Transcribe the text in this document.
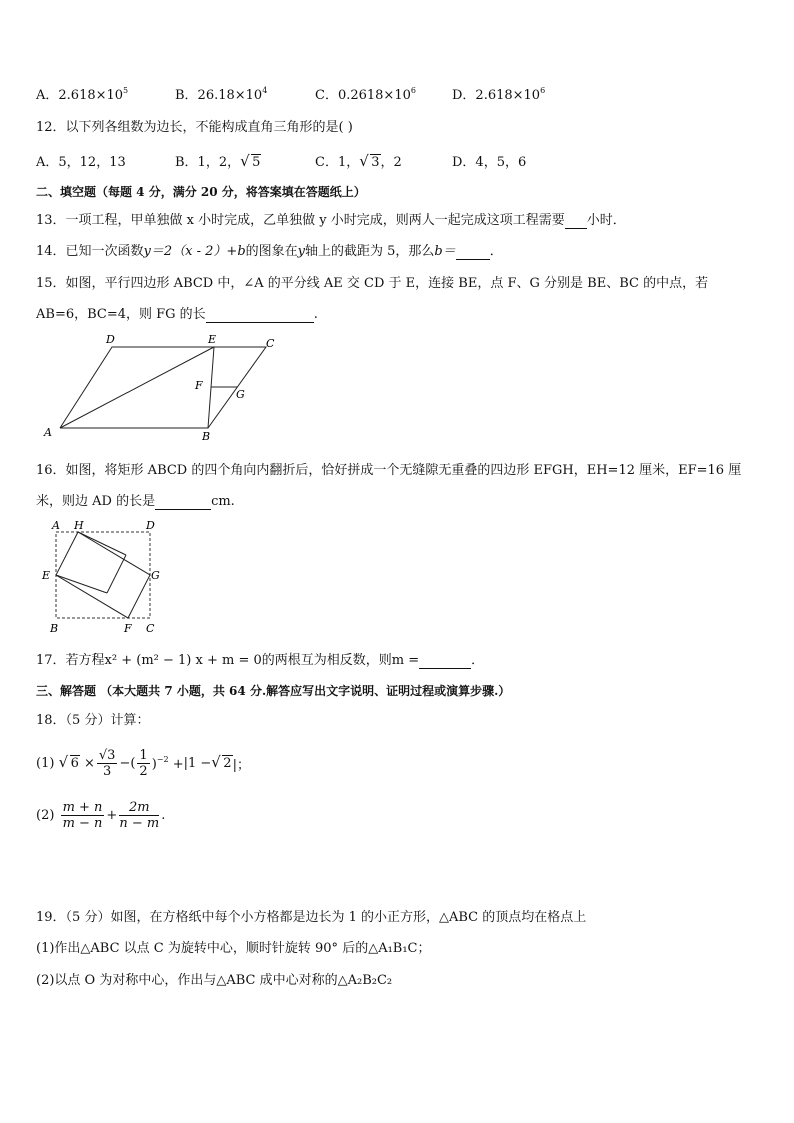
A．$2.618\times 10^5$	B．$26.18\times 10^4$	C．$0.2618\times 10^6$	D．$2.618\times 10^6$
12．以下列各组数为边长，不能构成直角三角形的是( )
A．5，12，13	B．1，2， √ 5	C．1， √ 3，2	D．4，5，6
二、填空题（每题 4 分，满分 20 分，将答案填在答题纸上）
13．一项工程，甲单独做 x 小时完成，乙单独做 y 小时完成，则两人一起完成这项工程需要 小时．
14．已知一次函数y＝2（x - 2）+b的图象在y轴上的截距为 5，那么b＝	．
15．如图，平行四边形 ABCD 中，∠A 的平分线 AE 交 CD 于 E，连接 BE，点 F、G 分别是 BE、BC 的中点，若
AB=6，BC=4，则 FG 的长	.
D	E	C
F
G
A	B
16．如图，将矩形 ABCD 的四个角向内翻折后，恰好拼成一个无缝隙无重叠的四边形 EFGH，EH=12 厘米，EF=16 厘
米，则边 AD 的长是	cm.
A H	D
E	G
B	F C
17．若方程x² + (m² − 1) x + m = 0的两根互为相反数，则m =	．
三、解答题 （本大题共 7 小题，共 64 分.解答应写出文字说明、证明过程或演算步骤.）
18．（5 分）计算：
(1)
√ $6 \times \frac{√3}{3}$ −( $\frac{1}{2} )^{-2} + |1$ − √ 2 |；
(2)
$\frac{m + n}{m - n} + \frac{2m}{n - m}$ .
19．（5 分）如图，在方格纸中每个小方格都是边长为 1 的小正方形，△ABC 的顶点均在格点上
(1)作出△ABC 以点 C 为旋转中心，顺时针旋转 90° 后的△A₁B₁C；
(2)以点 O 为对称中心，作出与△ABC 成中心对称的△A₂B₂C₂
